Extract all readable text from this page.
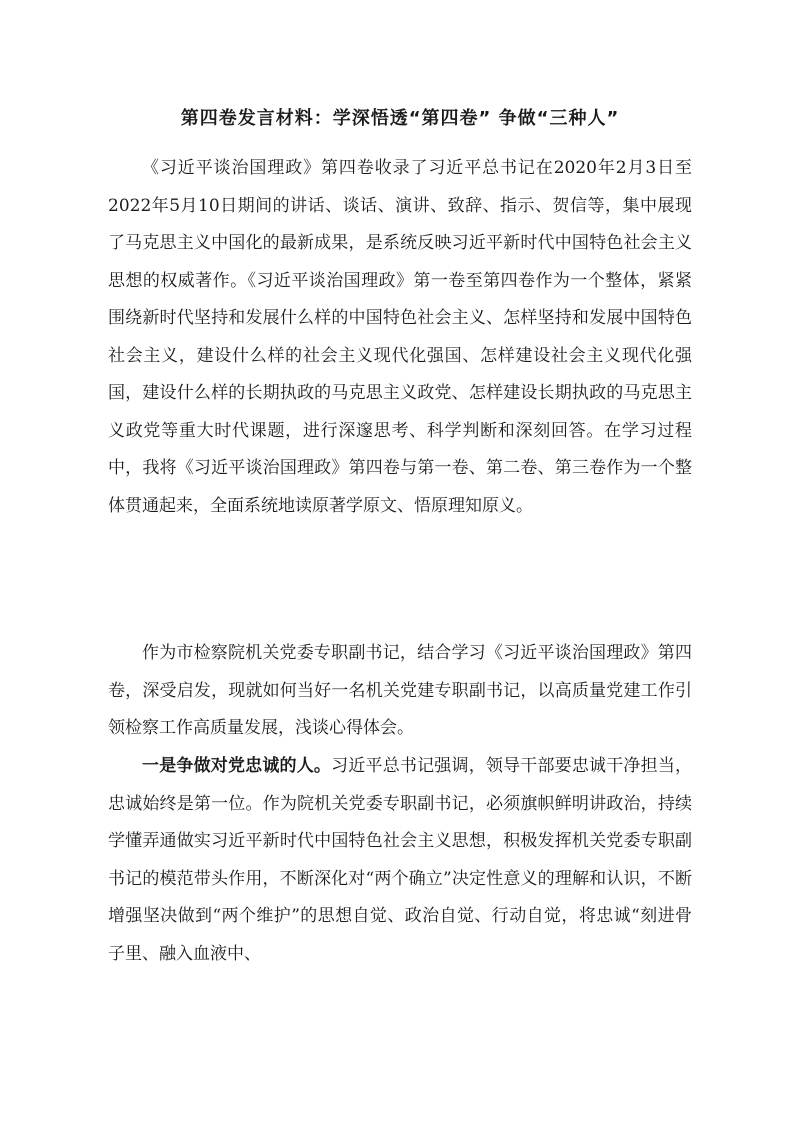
第四卷发言材料：学深悟透“第四卷” 争做“三种人”

《习近平谈治国理政》第四卷收录了习近平总书记在2020年2月3日至2022年5月10日期间的讲话、谈话、演讲、致辞、指示、贺信等，集中展现了马克思主义中国化的最新成果，是系统反映习近平新时代中国特色社会主义思想的权威著作。《习近平谈治国理政》第一卷至第四卷作为一个整体，紧紧围绕新时代坚持和发展什么样的中国特色社会主义、怎样坚持和发展中国特色社会主义，建设什么样的社会主义现代化强国、怎样建设社会主义现代化强国，建设什么样的长期执政的马克思主义政党、怎样建设长期执政的马克思主义政党等重大时代课题，进行深邃思考、科学判断和深刻回答。在学习过程中，我将《习近平谈治国理政》第四卷与第一卷、第二卷、第三卷作为一个整体贯通起来，全面系统地读原著学原文、悟原理知原义。

作为市检察院机关党委专职副书记，结合学习《习近平谈治国理政》第四卷，深受启发，现就如何当好一名机关党建专职副书记，以高质量党建工作引领检察工作高质量发展，浅谈心得体会。

一是争做对党忠诚的人。习近平总书记强调，领导干部要忠诚干净担当，忠诚始终是第一位。作为院机关党委专职副书记，必须旗帜鲜明讲政治，持续学懂弄通做实习近平新时代中国特色社会主义思想，积极发挥机关党委专职副书记的模范带头作用，不断深化对“两个确立”决定性意义的理解和认识，不断增强坚决做到“两个维护”的思想自觉、政治自觉、行动自觉，将忠诚“刻进骨子里、融入血液中、
